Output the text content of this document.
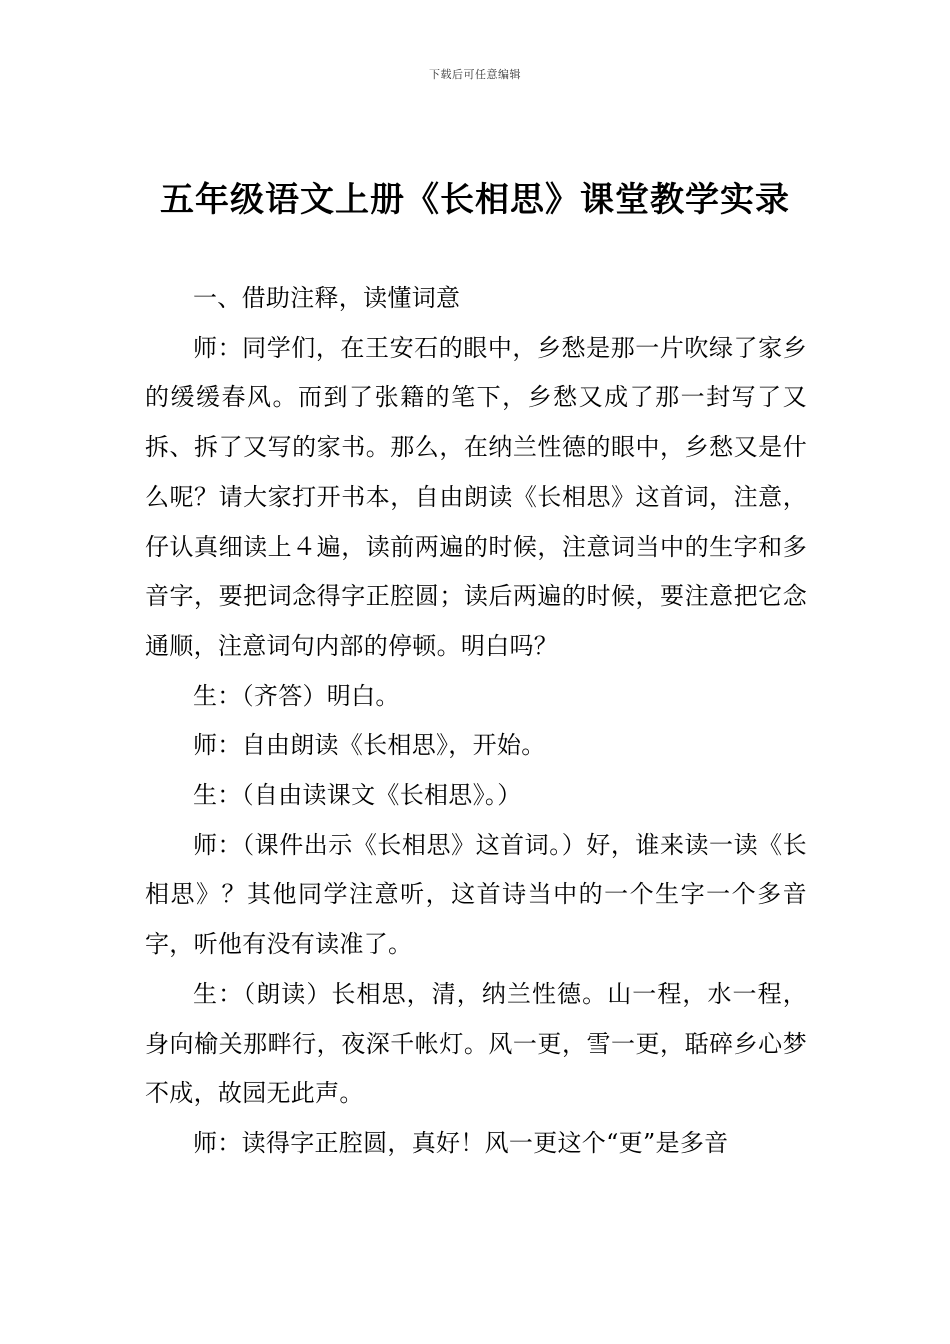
下载后可任意编辑
五年级语文上册《长相思》课堂教学实录

一、借助注释，读懂词意

师：同学们，在王安石的眼中，乡愁是那一片吹绿了家乡的缓缓春风。而到了张籍的笔下，乡愁又成了那一封写了又拆、拆了又写的家书。那么，在纳兰性德的眼中，乡愁又是什么呢？请大家打开书本，自由朗读《长相思》这首词，注意，仔认真细读上４遍，读前两遍的时候，注意词当中的生字和多音字，要把词念得字正腔圆；读后两遍的时候，要注意把它念通顺，注意词句内部的停顿。明白吗？

生：（齐答）明白。

师：自由朗读《长相思》，开始。

生：（自由读课文《长相思》。）

师：（课件出示《长相思》这首词。）好，谁来读一读《长相思》？其他同学注意听，这首诗当中的一个生字一个多音字，听他有没有读准了。

生：（朗读）长相思，清，纳兰性德。山一程，水一程，身向榆关那畔行，夜深千帐灯。风一更，雪一更，聒碎乡心梦不成，故园无此声。

师：读得字正腔圆，真好！风一更这个“更”是多音
